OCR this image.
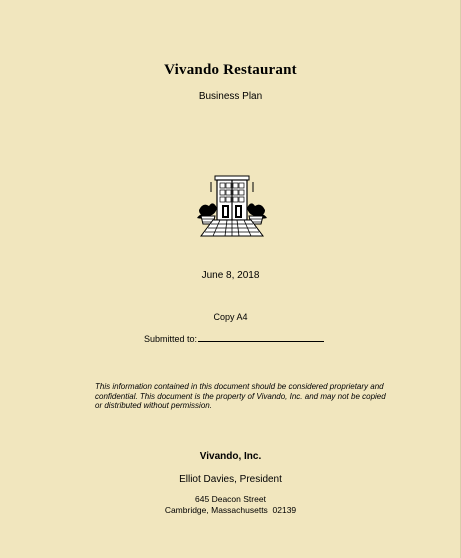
Vivando Restaurant
Business Plan
June 8, 2018
Copy A4
Submitted to:
This information contained in this document should be considered proprietary and confidential. This document is the property of Vivando, Inc. and may not be copied or distributed without permission.
Vivando, Inc.
Elliot Davies, President
645 Deacon Street
Cambridge, Massachusetts  02139
